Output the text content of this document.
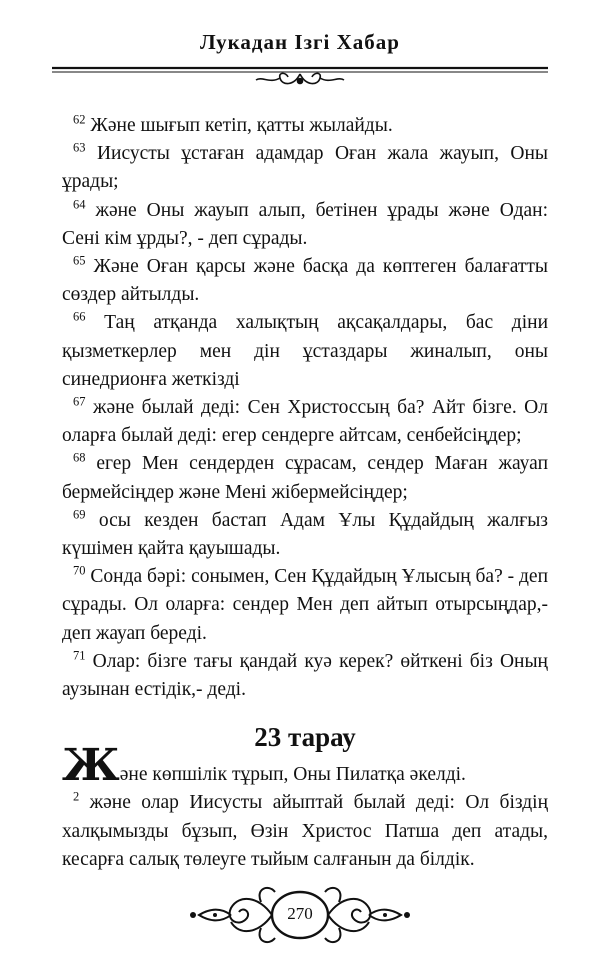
Лукадан Ізгі Хабар

$^{62}$ Және шығып кетіп, қатты жылайды.

$^{63}$ Иисусты ұстаған адамдар Оған жала жауып, Оны ұрады;

$^{64}$ және Оны жауып алып, бетінен ұрады және Одан: Сені кім ұрды?, - деп сұрады.

$^{65}$ Және Оған қарсы және басқа да көптеген балағатты сөздер айтылды.

$^{66}$ Таң атқанда халықтың ақсақалдары, бас діни қызметкерлер мен дін ұстаздары жиналып, оны синедрионға жеткізді

$^{67}$ және былай деді: Сен Христоссың ба? Айт бізге. Ол оларға былай деді: егер сендерге айтсам, сенбейсіңдер;

$^{68}$ егер Мен сендерден сұрасам, сендер Маған жауап бермейсіңдер және Мені жібермейсіңдер;

$^{69}$ осы кезден бастап Адам Ұлы Құдайдың жалғыз күшімен қайта қауышады.

$^{70}$ Сонда бәрі: сонымен, Сен Құдайдың Ұлысың ба? - деп сұрады. Ол оларға: сендер Мен деп айтып отырсыңдар,- деп жауап береді.

$^{71}$ Олар: бізге тағы қандай куә керек? өйткені біз Оның аузынан естідік,- деді.

23 тарау

Және көпшілік тұрып, Оны Пилатқа әкелді.

$^2$ және олар Иисусты айыптай былай деді: Ол біздің халқымызды бұзып, Өзін Христос Патша деп атады, кесарға салық төлеуге тыйым салғанын да білдік.

270
